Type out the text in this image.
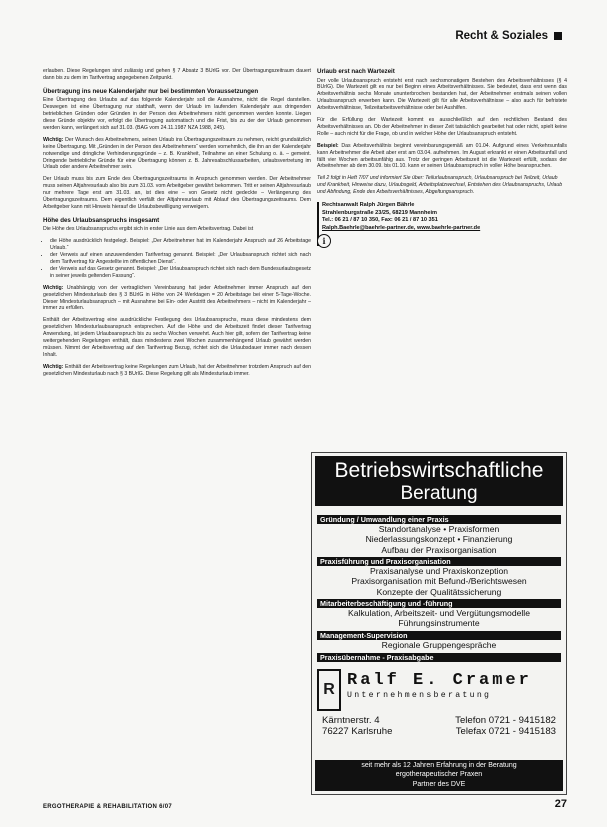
Recht & Soziales

erlauben. Diese Regelungen sind zulässig und gehen § 7 Absatz 3 BUrlG vor. Der Übertragungszeitraum dauert dann bis zu dem im Tarifvertrag angegebenen Zeitpunkt.

Übertragung ins neue Kalenderjahr nur bei bestimmten Voraussetzungen

Eine Übertragung des Urlaubs auf das folgende Kalenderjahr soll die Ausnahme, nicht die Regel darstellen. Deswegen ist eine Übertragung nur statthaft, wenn der Urlaub im laufenden Kalenderjahr aus dringenden betrieblichen Gründen oder Gründen in der Person des Arbeitnehmers nicht genommen werden konnte. Liegen diese Gründe objektiv vor, erfolgt die Übertragung automatisch und die Frist, bis zu der der Urlaub genommen werden kann, verlängert sich auf 31.03. (BAG vom 24.11.1987 NZA 1988, 245).

Wichtig: Der Wunsch des Arbeitnehmers, seinen Urlaub ins Übertragungszeitraum zu nehmen, reicht grundsätzlich keine Übertragung. Mit „Gründen in der Person des Arbeitnehmers“ werden vornehmlich, die ihn an der Kalenderjahr notwendige und dringliche Verhinderungsgründe – z. B. Krankheit, Teilnahme an einer Schulung o. ä. – gemeint. Dringende betriebliche Gründe für eine Übertragung können z. B. Jahresabschlussarbeiten, urlaubsvertretung im Urlaub oder andere Arbeitnehmer sein.

Der Urlaub muss bis zum Ende des Übertragungszeitraums in Anspruch genommen werden. Der Arbeitnehmer muss seinen Altjahresurlaub also bis zum 31.03. vom Arbeitgeber gewährt bekommen. Tritt er seinen Altjahresurlaub nur mehrere Tage erst am 31.03. an, ist dies eine – von Gesetz nicht gedeckte – Verlängerung des Übertragungszeitraums. Dem eigentlich verfällt der Altjahresurlaub mit Ablauf des Übertragungszeitraums. Dem Arbeitgeber kann mit Hinweis hierauf die Urlaubsbewilligung verweigern.

Höhe des Urlaubsanspruchs insgesamt

Die Höhe des Urlaubsanspruchs ergibt sich in erster Linie aus dem Arbeitsvertrag. Dabei ist

• die Höhe ausdrücklich festgelegt. Beispiel: „Der Arbeitnehmer hat im Kalenderjahr Anspruch auf 26 Arbeitstage Urlaub.“
• der Verweis auf einen anzuwendenden Tarifvertrag genannt. Beispiel: „Der Urlaubsanspruch richtet sich nach dem Tarifvertrag für Angestellte im öffentlichen Dienst“.
• der Verweis auf das Gesetz genannt. Beispiel: „Der Urlaubsanspruch richtet sich nach dem Bundesurlaubsgesetz in seiner jeweils geltenden Fassung“.

Wichtig: Unabhängig von der vertraglichen Vereinbarung hat jeder Arbeitnehmer immer Anspruch auf den gesetzlichen Mindesturlaub des § 3 BUrlG in Höhe von 24 Werktagen = 20 Arbeitstage bei einer 5-Tage-Woche. Dieser Mindesturlaubsanspruch – mit Ausnahme bei Ein- oder Austritt des Arbeitnehmers – nicht im Kalenderjahr – immer zu erfüllen.

Enthält der Arbeitsvertrag eine ausdrückliche Festlegung des Urlaubsanspruchs, muss diese mindestens dem gesetzlichen Mindesturlaubsanspruch entsprechen. Auf die Höhe und die Arbeitszeit findet dieser Tarifvertrag Anwendung, ist jedem Urlaubsanspruch bis zu sechs Wochen verwehrt. Auch hier gilt, sofern der Tarifvertrag keine weitergehenden Regelungen enthält, dass mindestens zwei Wochen zusammenhängend Urlaub gewährt werden müssen. Nimmt der Arbeitsvertrag auf den Tarifvertrag Bezug, richtet sich die Urlaubsdauer immer nach dessen Inhalt.

Wichtig: Enthält der Arbeitsvertrag keine Regelungen zum Urlaub, hat der Arbeitnehmer trotzdem Anspruch auf den gesetzlichen Mindesturlaub nach § 3 BUrlG. Diese Regelung gilt als Mindesturlaub immer.

Urlaub erst nach Wartezeit

Der volle Urlaubsanspruch entsteht erst nach sechsmonatigem Bestehen des Arbeitsverhältnisses (§ 4 BUrlG). Die Wartezeit gilt es nur bei Beginn eines Arbeitsverhältnisses. Sie bedeutet, dass erst wenn das Arbeitsverhältnis sechs Monate ununterbrochen bestanden hat, der Arbeitnehmer erstmals seinen vollen Urlaubsanspruch erwerben kann. Die Wartezeit gilt für alle Arbeitsverhältnisse – also auch für befristete Arbeitsverhältnisse, Teilzeitarbeitsverhältnisse oder bei Aushilfen.

Für die Erfüllung der Wartezeit kommt es ausschließlich auf den rechtlichen Bestand des Arbeitsverhältnisses an. Ob der Arbeitnehmer in dieser Zeit tatsächlich gearbeitet hat oder nicht, spielt keine Rolle – auch nicht für die Frage, ob und in welcher Höhe der Urlaubsanspruch entsteht.

Beispiel: Das Arbeitsverhältnis beginnt vereinbarungsgemäß am 01.04. Aufgrund eines Verkehrsunfalls kann Arbeitnehmer die Arbeit aber erst am 03.04. aufnehmen. Im August erkrankt er einen Arbeitsunfall und fällt vier Wochen arbeitsunfähig aus. Trotz der geringen Arbeitszeit ist die Wartezeit erfüllt, sodass der Arbeitnehmer ab dem 30.09. bis 01.10. kann er seinen Urlaubsanspruch in voller Höhe beanspruchen.

Teil 2 folgt in Heft 7/07 und informiert Sie über: Teilurlaubsanspruch, Urlaubsanspruch bei Teilzeit, Urlaub und Krankheit, Hinweise dazu, Urlaubsgeld, Arbeitsplatzwechsel, Entstehen des Urlaubsanspruchs, Urlaub und Abfindung, Ende des Arbeitsverhältnisses, Abgeltungsanspruch.
Rechtsanwalt Ralph Jürgen Bährle
Strahlenburgstraße 23/25, 68219 Mannheim
Tel.: 06 21 / 87 10 350, Fax: 06 21 / 87 10 351
Ralph.Baehrle@baehrle-partner.de, www.baehrle-partner.de
i
Betriebswirtschaftliche
Beratung
Gründung / Umwandlung einer Praxis
Standortanalyse • Praxisformen
Niederlassungskonzept • Finanzierung
Aufbau der Praxisorganisation
Praxisführung und Praxisorganisation
Praxisanalyse und Praxiskonzeption
Praxisorganisation mit Befund-/Berichtswesen
Konzepte der Qualitätssicherung
Mitarbeiterbeschäftigung und -führung
Kalkulation, Arbeitszeit- und Vergütungsmodelle
Führungsinstrumente
Management-Supervision
Regionale Gruppengespräche
Praxisübernahme - Praxisabgabe
R Ralf E. Cramer
Unternehmensberatung
Kärntnerstr. 4	Telefon 0721 - 9415182
76227 Karlsruhe	Telefax 0721 - 9415183
seit mehr als 12 Jahren Erfahrung in der Beratung
ergotherapeutischer Praxen
Partner des DVE
ERGOTHERAPIE & REHABILITATION 6/07	27
